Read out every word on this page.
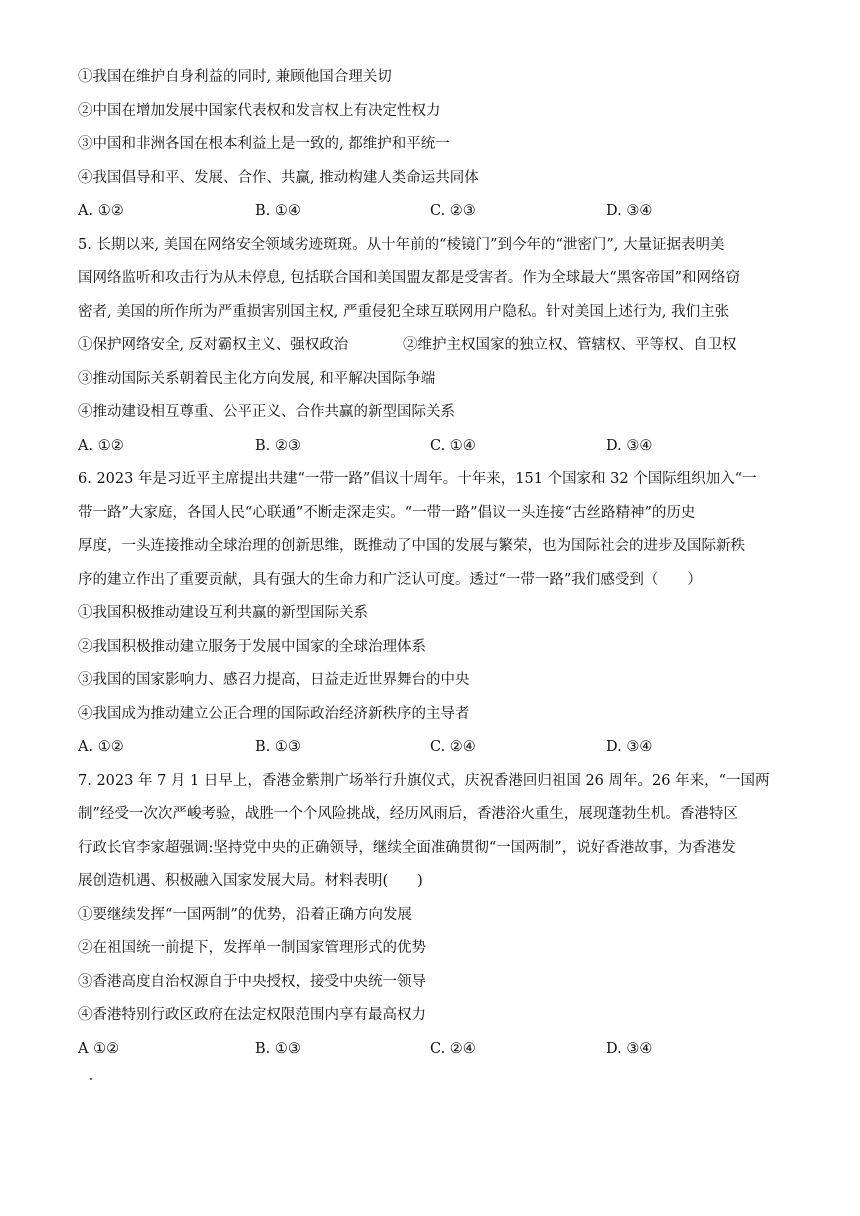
①我国在维护自身利益的同时, 兼顾他国合理关切
②中国在增加发展中国家代表权和发言权上有决定性权力
③中国和非洲各国在根本利益上是一致的, 都维护和平统一
④我国倡导和平、发展、合作、共赢, 推动构建人类命运共同体
A. ①②	B. ①④	C. ②③	D. ③④
5. 长期以来, 美国在网络安全领域劣迹斑斑。从十年前的“棱镜门”到今年的“泄密门”, 大量证据表明美
国网络监听和攻击行为从未停息, 包括联合国和美国盟友都是受害者。作为全球最大“黑客帝国”和网络窃
密者, 美国的所作所为严重损害别国主权, 严重侵犯全球互联网用户隐私。针对美国上述行为, 我们主张
①保护网络安全, 反对霸权主义、强权政治	②维护主权国家的独立权、管辖权、平等权、自卫权
③推动国际关系朝着民主化方向发展, 和平解决国际争端
④推动建设相互尊重、公平正义、合作共赢的新型国际关系
A. ①②	B. ②③	C. ①④	D. ③④
6. 2023 年是习近平主席提出共建“一带一路”倡议十周年。十年来，151 个国家和 32 个国际组织加入“一
带一路”大家庭，各国人民“心联通”不断走深走实。“一带一路”倡议一头连接“古丝路精神”的历史
厚度，一头连接推动全球治理的创新思维，既推动了中国的发展与繁荣，也为国际社会的进步及国际新秩
序的建立作出了重要贡献，具有强大的生命力和广泛认可度。透过“一带一路”我们感受到（　　）
①我国积极推动建设互利共赢的新型国际关系
②我国积极推动建立服务于发展中国家的全球治理体系
③我国的国家影响力、感召力提高，日益走近世界舞台的中央
④我国成为推动建立公正合理的国际政治经济新秩序的主导者
A. ①②	B. ①③	C. ②④	D. ③④
7. 2023 年 7 月 1 日早上，香港金紫荆广场举行升旗仪式，庆祝香港回归祖国 26 周年。26 年来，“一国两
制”经受一次次严峻考验，战胜一个个风险挑战，经历风雨后，香港浴火重生，展现蓬勃生机。香港特区
行政长官李家超强调:坚持党中央的正确领导，继续全面准确贯彻“一国两制”，说好香港故事，为香港发
展创造机遇、积极融入国家发展大局。材料表明(　　)
①要继续发挥“一国两制”的优势，沿着正确方向发展
②在祖国统一前提下，发挥单一制国家管理形式的优势
③香港高度自治权源自于中央授权，接受中央统一领导
④香港特别行政区政府在法定权限范围内享有最高权力
A ①②	B. ①③	C. ②④	D. ③④
